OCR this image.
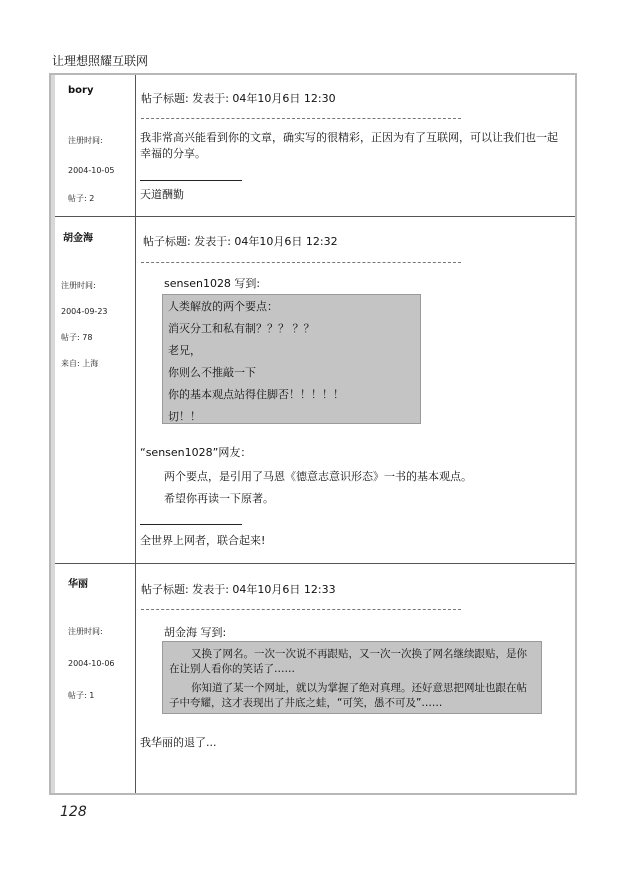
让理想照耀互联网
bory

注册时间:

2004-10-05

帖子: 2

帖子标题: 发表于: 04年10月6日 12:30
我非常高兴能看到你的文章，确实写的很精彩，正因为有了互联网，可以让我们也一起幸福的分享。
天道酬勤
胡金海

注册时间:

2004-09-23

帖子: 78

来自: 上海

帖子标题: 发表于: 04年10月6日 12:32
sensen1028 写到:
人类解放的两个要点：
消灭分工和私有制？？？ ？？
老兄，
你则么不推敲一下
你的基本观点站得住脚否！！！！！
切！！
“sensen1028”网友：
两个要点，是引用了马恩《德意志意识形态》一书的基本观点。
希望你再读一下原著。
全世界上网者，联合起来!
华丽

注册时间:

2004-10-06

帖子: 1

帖子标题: 发表于: 04年10月6日 12:33
胡金海 写到:
又换了网名。一次一次说不再跟贴，又一次一次换了网名继续跟贴，是你在让别人看你的笑话了……
你知道了某一个网址，就以为掌握了绝对真理。还好意思把网址也跟在帖子中夸耀，这才表现出了井底之蛙，“可笑，愚不可及”……
我华丽的退了...
128
